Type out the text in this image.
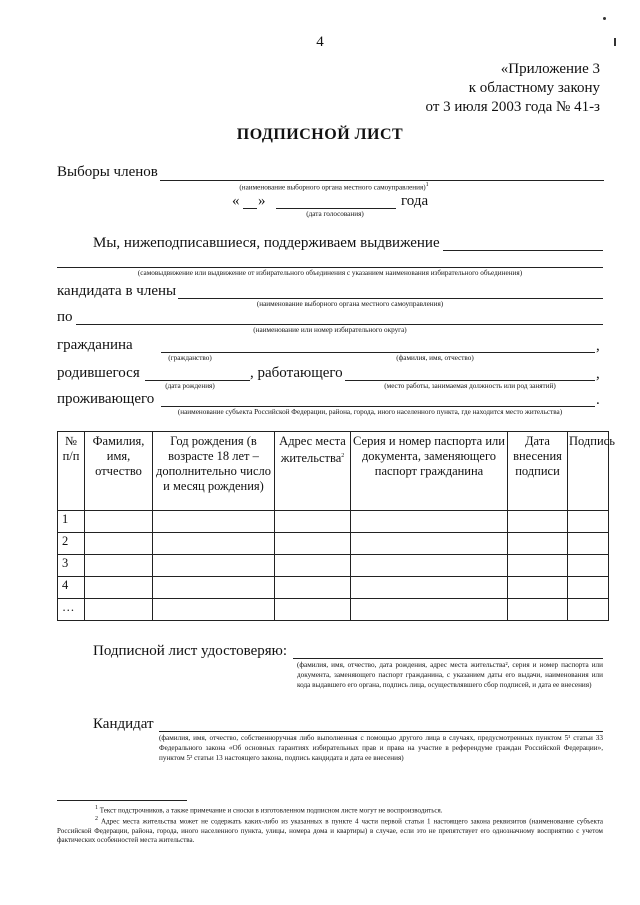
4
«Приложение 3
к областному закону
от 3 июля 2003 года № 41-з
ПОДПИСНОЙ ЛИСТ
Выборы членов
(наименование выборного органа местного самоуправления)$^1$
« »	года
(дата голосования)
Мы, нижеподписавшиеся, поддерживаем выдвижение
(самовыдвижение или выдвижение от избирательного объединения с указанием наименования избирательного объединения)
кандидата в члены
(наименование выборного органа местного самоуправления)
по
(наименование или номер избирательного округа)
гражданина	,
(гражданство)	(фамилия, имя, отчество)
родившегося	, работающего	,
(дата рождения)	(место работы, занимаемая должность или род занятий)
проживающего	.
(наименование субъекта Российской Федерации, района, города, иного населенного пункта, где находится место жительства)
№ п/п	Фамилия, имя, отчество	Год рождения (в возрасте 18 лет – дополнительно число и месяц рождения)	Адрес места жительства$^2$	Серия и номер паспорта или документа, заменяющего паспорт гражданина	Дата внесения подписи	Подпись
1						
2						
3						
4						
…						
Подписной лист удостоверяю:
(фамилия, имя, отчество, дата рождения, адрес места жительства², серия и номер паспорта или документа, заменяющего паспорт гражданина, с указанием даты его выдачи, наименования или кода выдавшего его органа, подпись лица, осуществлявшего сбор подписей, и дата ее внесения)
Кандидат
(фамилия, имя, отчество, собственноручная либо выполненная с помощью другого лица в случаях, предусмотренных пунктом 5¹ статьи 33 Федерального закона «Об основных гарантиях избирательных прав и права на участие в референдуме граждан Российской Федерации», пунктом 5² статьи 13 настоящего закона, подпись кандидата и дата ее внесения)
$^1$ Текст подстрочников, а также примечание и сноски в изготовленном подписном листе могут не воспроизводиться.
$^2$ Адрес места жительства может не содержать каких-либо из указанных в пункте 4 части первой статьи 1 настоящего закона реквизитов (наименование субъекта Российской Федерации, района, города, иного населенного пункта, улицы, номера дома и квартиры) в случае, если это не препятствует его однозначному восприятию с учетом фактических особенностей места жительства.
